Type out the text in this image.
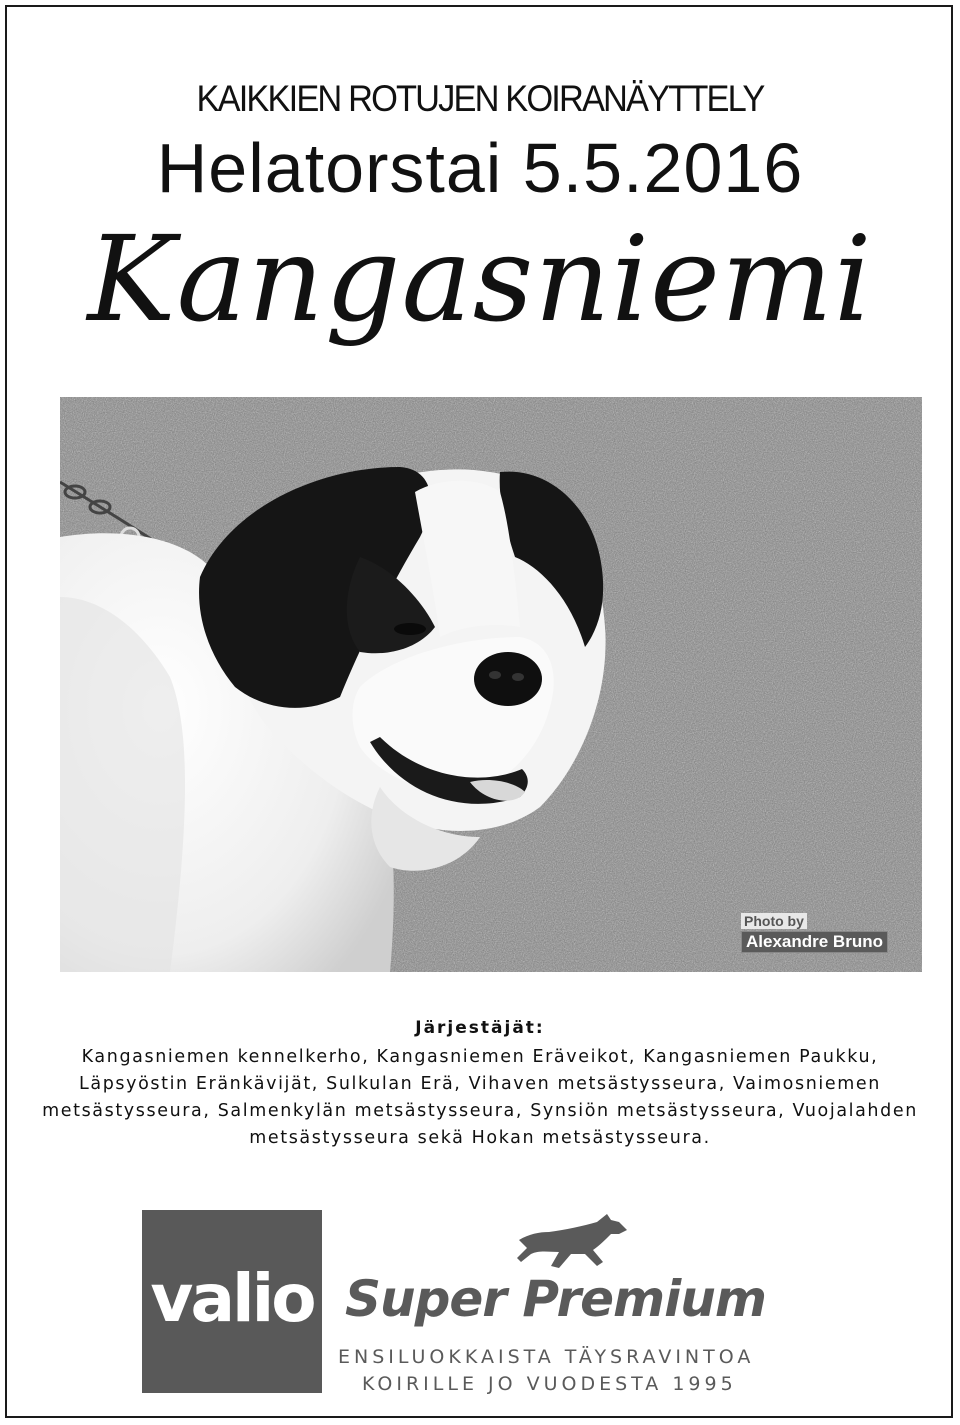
KAIKKIEN ROTUJEN KOIRANÄYTTELY
Helatorstai 5.5.2016
Kangasniemi
Photo by
Alexandre Bruno
Järjestäjät:
Kangasniemen kennelkerho, Kangasniemen Eräveikot, Kangasniemen Paukku, Läpsyöstin Eränkävijät, Sulkulan Erä, Vihaven metsästysseura, Vaimosniemen metsästysseura, Salmenkylän metsästysseura, Synsiön metsästysseura, Vuojalahden metsästysseura sekä Hokan metsästysseura.
valio Super Premium
ENSILUOKKAISTA TÄYSRAVINTOA
KOIRILLE JO VUODESTA 1995
